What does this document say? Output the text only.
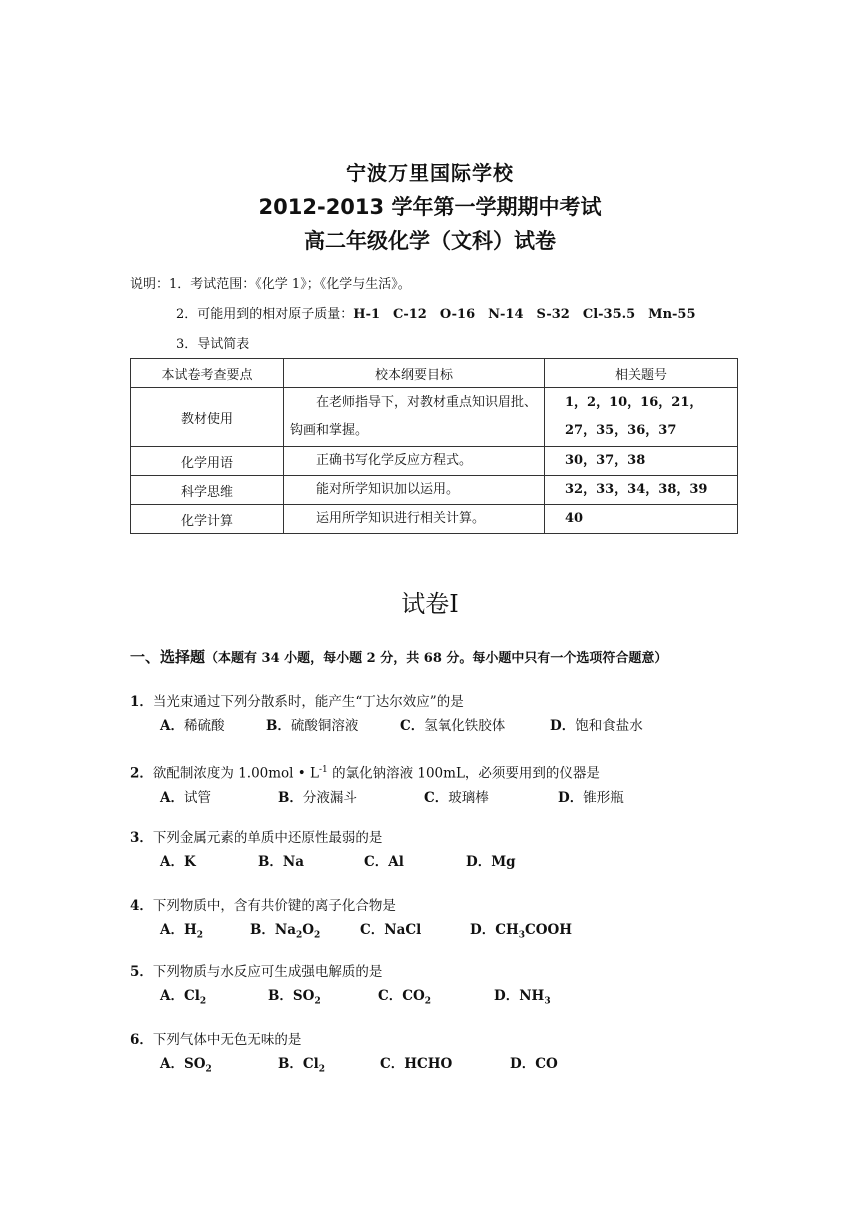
宁波万里国际学校
2012-2013 学年第一学期期中考试
高二年级化学（文科）试卷
说明：1．考试范围：《化学 1》；《化学与生活》。
2．可能用到的相对原子质量：H-1　C-12　O-16　N-14　S-32　Cl-35.5　Mn-55
3．导试简表
本试卷考查要点	校本纲要目标	相关题号
教材使用	在老师指导下，对教材重点知识眉批、钩画和掌握。	1，2，10，16，21，27，35，36，37
化学用语	正确书写化学反应方程式。	30，37，38
科学思维	能对所学知识加以运用。	32，33，34，38，39
化学计算	运用所学知识进行相关计算。	40
试卷Ⅰ
一、选择题（本题有 34 小题，每小题 2 分，共 68 分。每小题中只有一个选项符合题意）
1．当光束通过下列分散系时，能产生“丁达尔效应”的是
A．稀硫酸	B．硫酸铜溶液	C．氢氧化铁胶体	D．饱和食盐水
2．欲配制浓度为 1.00mol • $L^{-1}$ 的氯化钠溶液 100mL，必须要用到的仪器是
A．试管	B．分液漏斗	C．玻璃棒	D．锥形瓶
3．下列金属元素的单质中还原性最弱的是
A．K	B．Na	C．Al	D．Mg
4．下列物质中，含有共价键的离子化合物是
A．$H_2$	B．$Na_2O_2$	C．NaCl	D．$CH_3COOH$
5．下列物质与水反应可生成强电解质的是
A．$Cl_2$	B．$SO_2$	C．$CO_2$	D．$NH_3$
6．下列气体中无色无味的是
A．$SO_2$	B．$Cl_2$	C．HCHO	D．CO
